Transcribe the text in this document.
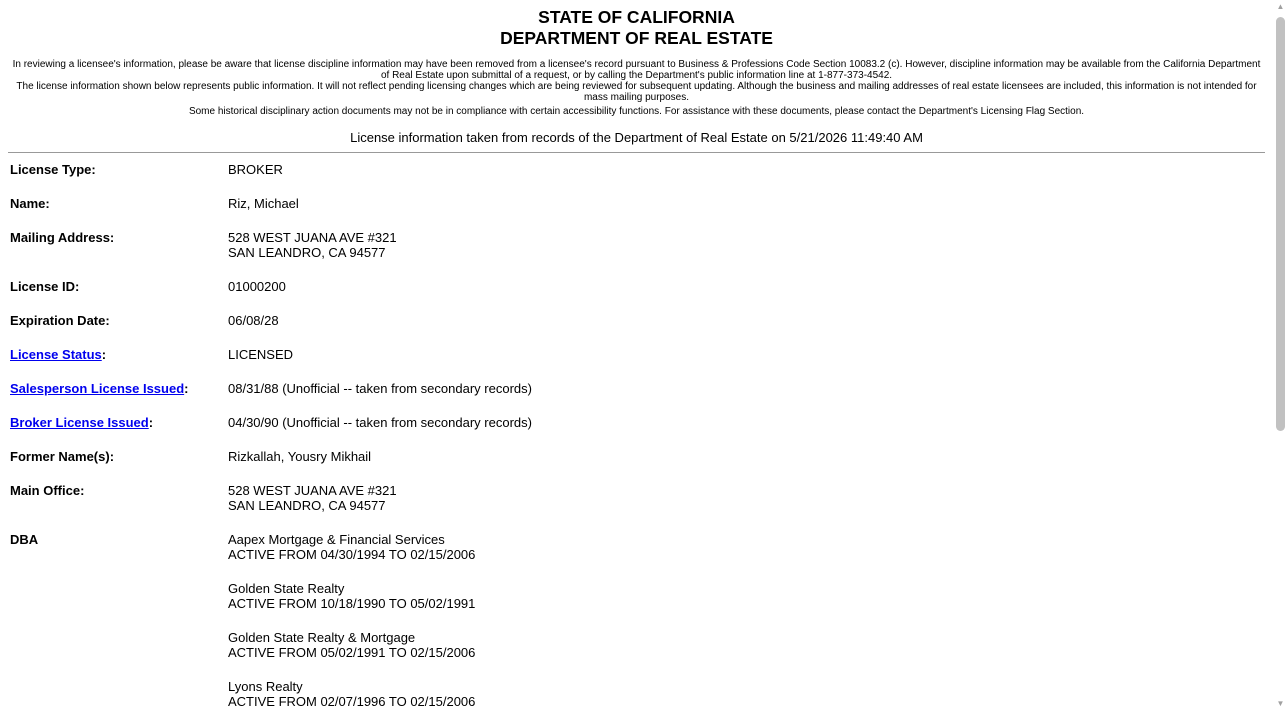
STATE OF CALIFORNIA
DEPARTMENT OF REAL ESTATE
In reviewing a licensee's information, please be aware that license discipline information may have been removed from a licensee's record pursuant to Business & Professions Code Section 10083.2 (c). However, discipline information may be available from the California Department of Real Estate upon submittal of a request, or by calling the Department's public information line at 1-877-373-4542.
The license information shown below represents public information. It will not reflect pending licensing changes which are being reviewed for subsequent updating. Although the business and mailing addresses of real estate licensees are included, this information is not intended for mass mailing purposes.
Some historical disciplinary action documents may not be in compliance with certain accessibility functions. For assistance with these documents, please contact the Department's Licensing Flag Section.
License information taken from records of the Department of Real Estate on 5/21/2026 11:49:40 AM
License Type:	BROKER
Name:	Riz, Michael
Mailing Address:	528 WEST JUANA AVE #321
SAN LEANDRO, CA 94577
License ID:	01000200
Expiration Date:	06/08/28
License Status:	LICENSED
Salesperson License Issued:	08/31/88 (Unofficial -- taken from secondary records)
Broker License Issued:	04/30/90 (Unofficial -- taken from secondary records)
Former Name(s):	Rizkallah, Yousry Mikhail
Main Office:	528 WEST JUANA AVE #321
SAN LEANDRO, CA 94577
DBA	Aapex Mortgage & Financial Services
ACTIVE FROM 04/30/1994 TO 02/15/2006
Golden State Realty
ACTIVE FROM 10/18/1990 TO 05/02/1991
Golden State Realty & Mortgage
ACTIVE FROM 05/02/1991 TO 02/15/2006
Lyons Realty
ACTIVE FROM 02/07/1996 TO 02/15/2006
▲
▼
